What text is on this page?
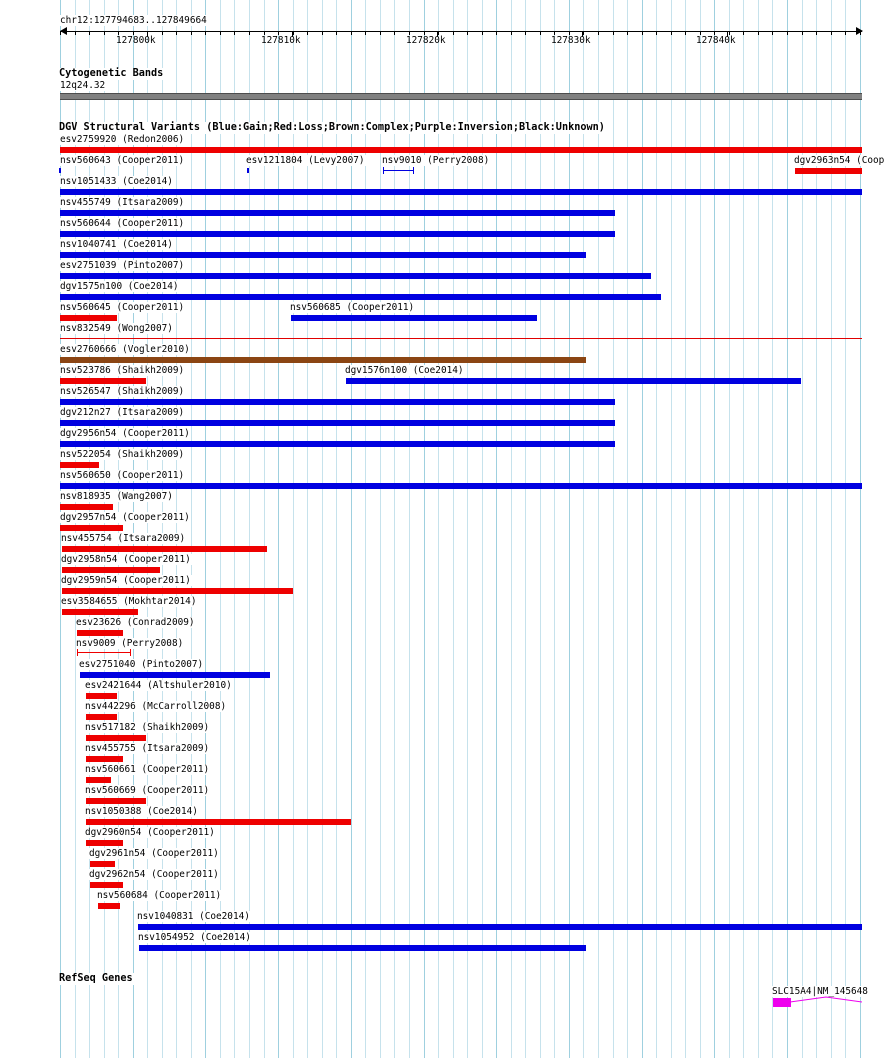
chr12:127794683..127849664
127800k	127810k	127820k	127830k	127840k
Cytogenetic Bands
12q24.32
DGV Structural Variants (Blue:Gain;Red:Loss;Brown:Complex;Purple:Inversion;Black:Unknown)
esv2759920 (Redon2006)
nsv560643 (Cooper2011)	esv1211804 (Levy2007) nsv9010 (Perry2008)	dgv2963n54 (Coop
nsv1051433 (Coe2014)
nsv455749 (Itsara2009)
nsv560644 (Cooper2011)
nsv1040741 (Coe2014)
esv2751039 (Pinto2007)
dgv1575n100 (Coe2014)
nsv560645 (Cooper2011)	nsv560685 (Cooper2011)
nsv832549 (Wong2007)
esv2760666 (Vogler2010)
nsv523786 (Shaikh2009)	dgv1576n100 (Coe2014)
nsv526547 (Shaikh2009)
dgv212n27 (Itsara2009)
dgv2956n54 (Cooper2011)
nsv522054 (Shaikh2009)
nsv560650 (Cooper2011)
nsv818935 (Wang2007)
dgv2957n54 (Cooper2011)
nsv455754 (Itsara2009)
dgv2958n54 (Cooper2011)
dgv2959n54 (Cooper2011)
esv3584655 (Mokhtar2014)
esv23626 (Conrad2009)
nsv9009 (Perry2008)
esv2751040 (Pinto2007)
esv2421644 (Altshuler2010)
nsv442296 (McCarroll2008)
nsv517182 (Shaikh2009)
nsv455755 (Itsara2009)
nsv560661 (Cooper2011)
nsv560669 (Cooper2011)
nsv1050388 (Coe2014)
dgv2960n54 (Cooper2011)
dgv2961n54 (Cooper2011)
dgv2962n54 (Cooper2011)
nsv560684 (Cooper2011)
nsv1040831 (Coe2014)
nsv1054952 (Coe2014)
RefSeq Genes
SLC15A4|NM_145648
